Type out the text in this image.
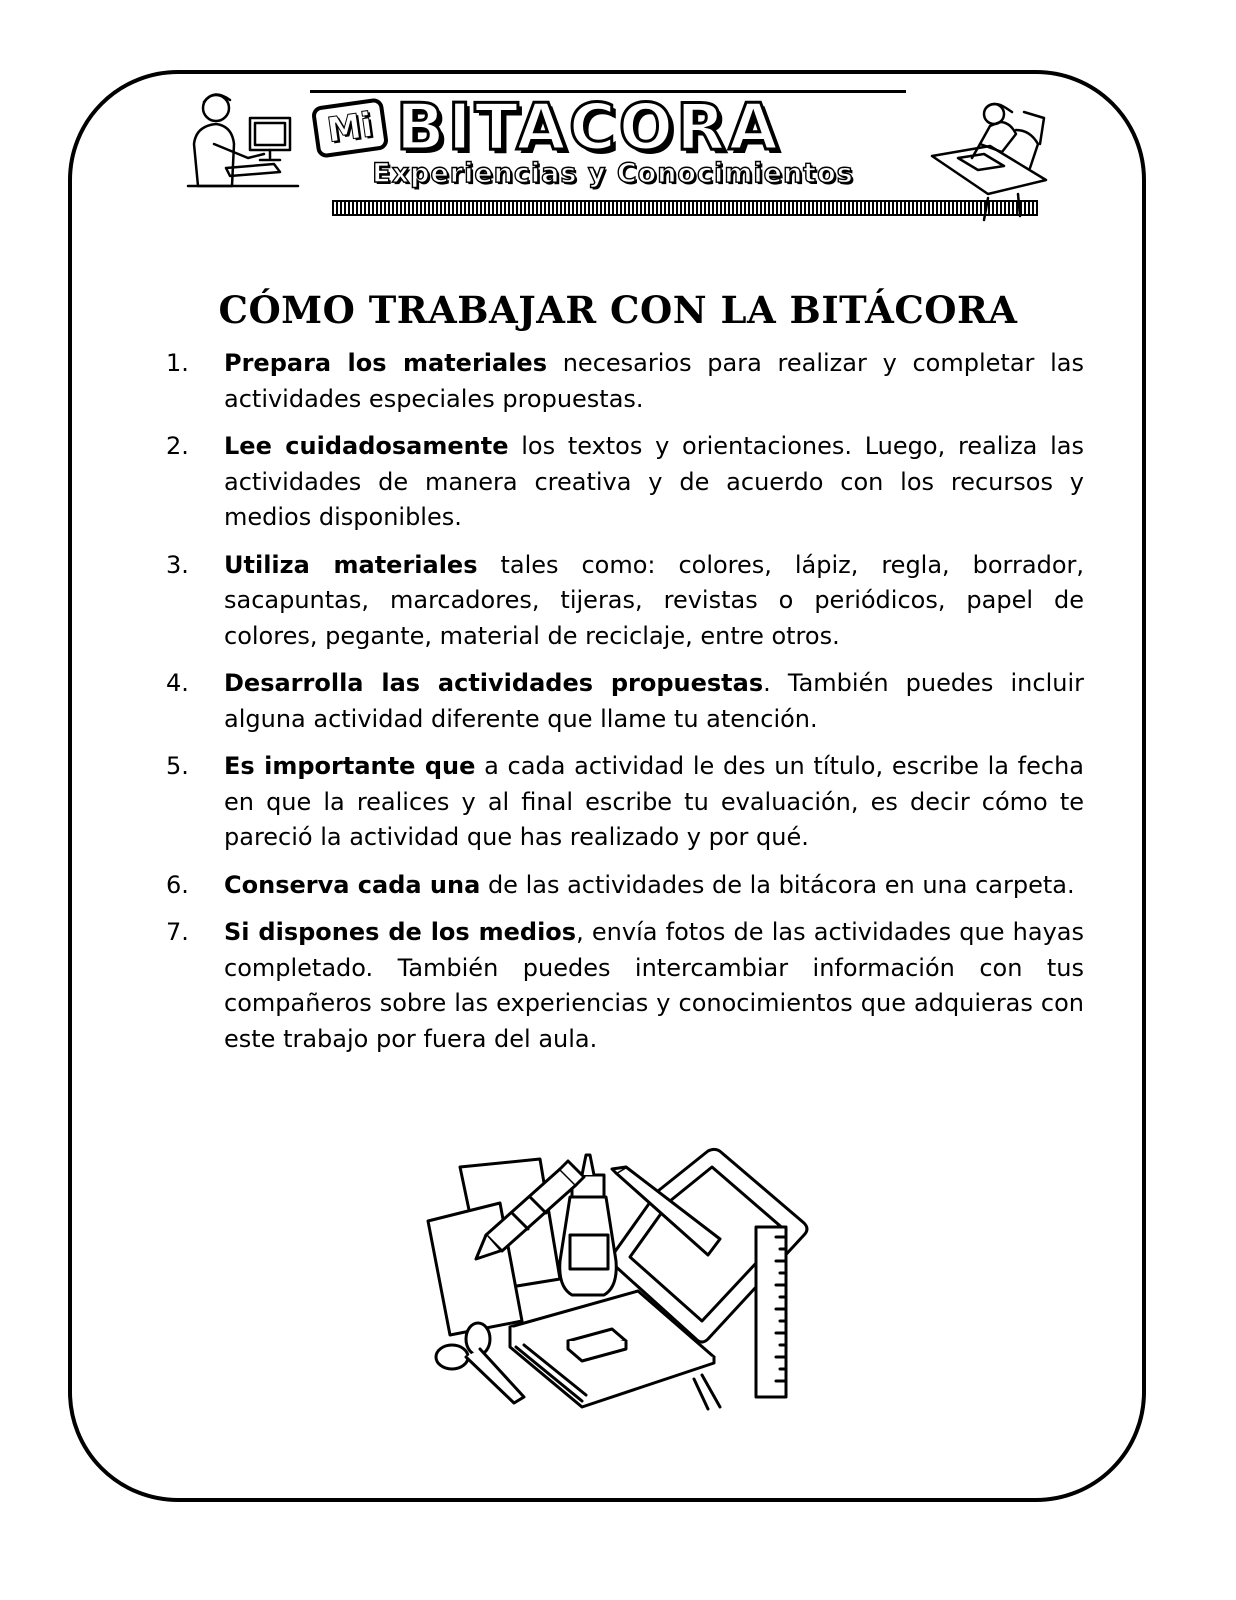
Mi BITACORA
Experiencias y Conocimientos
CÓMO TRABAJAR CON LA BITÁCORA
1.	Prepara los materiales necesarios para realizar y completar las actividades especiales propuestas.
2.	Lee cuidadosamente los textos y orientaciones. Luego, realiza las actividades de manera creativa y de acuerdo con los recursos y medios disponibles.
3.	Utiliza materiales tales como: colores, lápiz, regla, borrador, sacapuntas, marcadores, tijeras, revistas o periódicos, papel de colores, pegante, material de reciclaje, entre otros.
4.	Desarrolla las actividades propuestas. También puedes incluir alguna actividad diferente que llame tu atención.
5.	Es importante que a cada actividad le des un título, escribe la fecha en que la realices y al final escribe tu evaluación, es decir cómo te pareció la actividad que has realizado y por qué.
6.	Conserva cada una de las actividades de la bitácora en una carpeta.
7.	Si dispones de los medios, envía fotos de las actividades que hayas completado. También puedes intercambiar información con tus compañeros sobre las experiencias y conocimientos que adquieras con este trabajo por fuera del aula.
